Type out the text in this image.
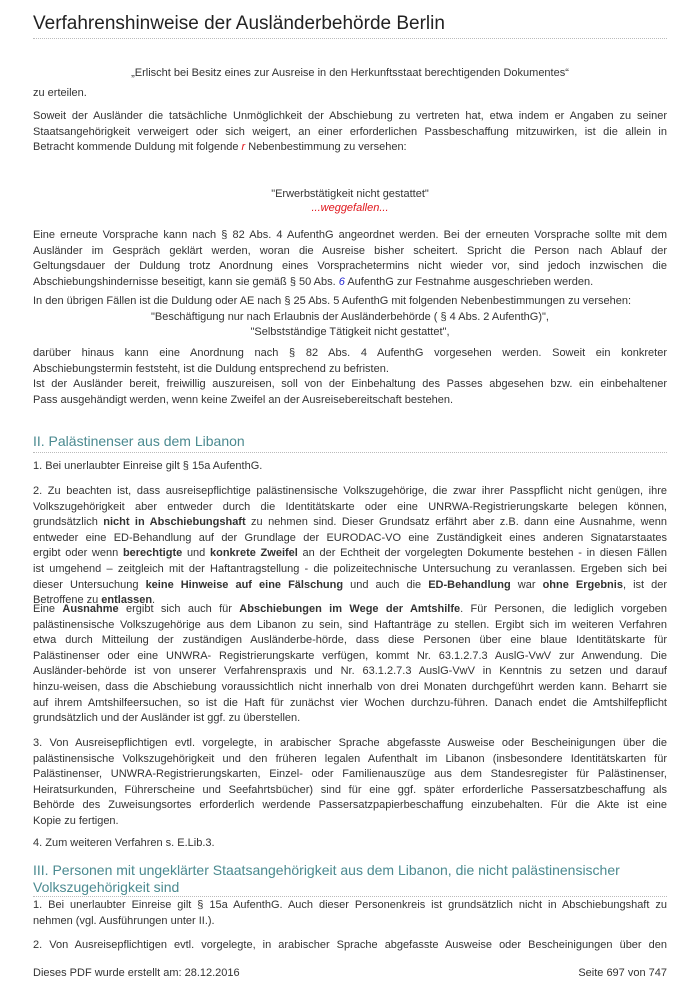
Verfahrenshinweise der Ausländerbehörde Berlin
„Erlischt bei Besitz eines zur Ausreise in den Herkunftsstaat berechtigenden Dokumentes“
zu erteilen.
Soweit der Ausländer die tatsächliche Unmöglichkeit der Abschiebung zu vertreten hat, etwa indem er Angaben zu seiner
Staatsangehörigkeit verweigert oder sich weigert, an einer erforderlichen Passbeschaffung mitzuwirken, ist die allein in
Betracht kommende Duldung mit folgende r Nebenbestimmung zu versehen:
"Erwerbstätigkeit nicht gestattet"
...weggefallen...
Eine erneute Vorsprache kann nach § 82 Abs. 4 AufenthG angeordnet werden. Bei der erneuten Vorsprache sollte mit dem
Ausländer im Gespräch geklärt werden, woran die Ausreise bisher scheitert. Spricht die Person nach Ablauf der
Geltungsdauer der Duldung trotz Anordnung eines Vorsprachetermins nicht wieder vor, sind jedoch inzwischen die
Abschiebungshindernisse beseitigt, kann sie gemäß § 50 Abs. 6 AufenthG zur Festnahme ausgeschrieben werden.
In den übrigen Fällen ist die Duldung oder AE nach § 25 Abs. 5 AufenthG mit folgenden Nebenbestimmungen zu versehen:
"Beschäftigung nur nach Erlaubnis der Ausländerbehörde ( § 4 Abs. 2 AufenthG)",
"Selbstständige Tätigkeit nicht gestattet",
darüber hinaus kann eine Anordnung nach § 82 Abs. 4 AufenthG vorgesehen werden. Soweit ein konkreter
Abschiebungstermin feststeht, ist die Duldung entsprechend zu befristen.
Ist der Ausländer bereit, freiwillig auszureisen, soll von der Einbehaltung des Passes abgesehen bzw. ein einbehaltener
Pass ausgehändigt werden, wenn keine Zweifel an der Ausreisebereitschaft bestehen.
II. Palästinenser aus dem Libanon
1. Bei unerlaubter Einreise gilt § 15a AufenthG.
2. Zu beachten ist, dass ausreisepflichtige palästinensische Volkszugehörige, die zwar ihrer Passpflicht nicht genügen, ihre
Volkszugehörigkeit aber entweder durch die Identitätskarte oder eine UNRWA-Registrierungskarte belegen können,
grundsätzlich nicht in Abschiebungshaft zu nehmen sind. Dieser Grundsatz erfährt aber z.B. dann eine Ausnahme, wenn
entweder eine ED-Behandlung auf der Grundlage der EURODAC-VO eine Zuständigkeit eines anderen Signatarstaates
ergibt oder wenn berechtigte und konkrete Zweifel an der Echtheit der vorgelegten Dokumente bestehen - in diesen Fällen
ist umgehend – zeitgleich mit der Haftantragstellung - die polizeitechnische Untersuchung zu veranlassen. Ergeben sich bei
dieser Untersuchung keine Hinweise auf eine Fälschung und auch die ED-Behandlung war ohne Ergebnis, ist der
Betroffene zu entlassen.
Eine Ausnahme ergibt sich auch für Abschiebungen im Wege der Amtshilfe. Für Personen, die lediglich vorgeben
palästinensische Volkszugehörige aus dem Libanon zu sein, sind Haftanträge zu stellen. Ergibt sich im weiteren Verfahren
etwa durch Mitteilung der zuständigen Ausländerbe-hörde, dass diese Personen über eine blaue Identitätskarte für
Palästinenser oder eine UNWRA- Registrierungskarte verfügen, kommt Nr. 63.1.2.7.3 AuslG-VwV zur Anwendung. Die
Ausländer-behörde ist von unserer Verfahrenspraxis und Nr. 63.1.2.7.3 AuslG-VwV in Kenntnis zu setzen und darauf
hinzu-weisen, dass die Abschiebung voraussichtlich nicht innerhalb von drei Monaten durchgeführt werden kann. Beharrt sie
auf ihrem Amtshilfeersuchen, so ist die Haft für zunächst vier Wochen durchzu-führen. Danach endet die Amtshilfepflicht
grundsätzlich und der Ausländer ist ggf. zu überstellen.
3. Von Ausreisepflichtigen evtl. vorgelegte, in arabischer Sprache abgefasste Ausweise oder Bescheinigungen über die
palästinensische Volkszugehörigkeit und den früheren legalen Aufenthalt im Libanon (insbesondere Identitätskarten für
Palästinenser, UNWRA-Registrierungskarten, Einzel- oder Familienauszüge aus dem Standesregister für Palästinenser,
Heiratsurkunden, Führerscheine und Seefahrtsbücher) sind für eine ggf. später erforderliche Passersatzbeschaffung als
Behörde des Zuweisungsortes erforderlich werdende Passersatzpapierbeschaffung einzubehalten. Für die Akte ist eine
Kopie zu fertigen.
4. Zum weiteren Verfahren s. E.Lib.3.
III. Personen mit ungeklärter Staatsangehörigkeit aus dem Libanon, die nicht palästinensischer
Volkszugehörigkeit sind
1. Bei unerlaubter Einreise gilt § 15a AufenthG. Auch dieser Personenkreis ist grundsätzlich nicht in Abschiebungshaft zu
nehmen (vgl. Ausführungen unter II.).
2. Von Ausreisepflichtigen evtl. vorgelegte, in arabischer Sprache abgefasste Ausweise oder Bescheinigungen über den
Dieses PDF wurde erstellt am: 28.12.2016	Seite 697 von 747
